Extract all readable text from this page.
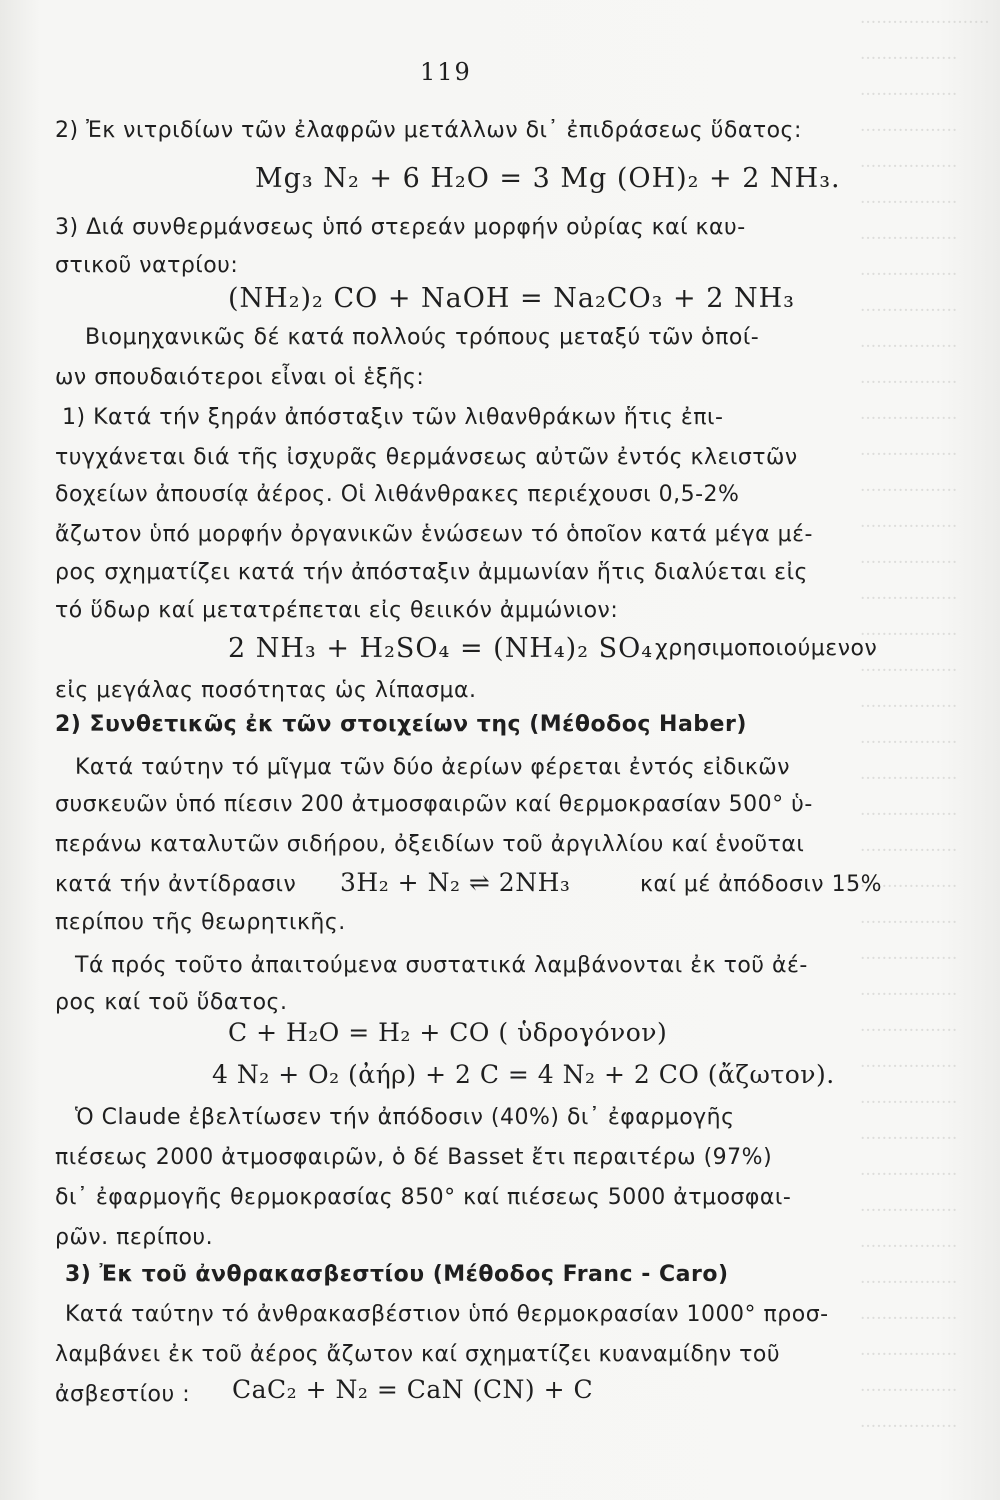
........................
..................
..................
..................
..................
..................
..................
..................
..................
..................
..................
..................
..................
..................
..................
..................
..................
..................
..................
..................
..................
..................
..................
..................
..................
..................
..................
..................
..................
..................
..................
..................
..................
..................
..................
..................
..................
..................
..................
..................
119
2) Ἐκ νιτριδίων τῶν ἐλαφρῶν μετάλλων δι᾿ ἐπιδράσεως ὕδατος:
Mg₃ N₂ + 6 H₂O = 3 Mg (OH)₂ + 2 NH₃.
3) Διά συνθερμάνσεως ὑπό στερεάν μορφήν οὐρίας καί καυ-
στικοῦ νατρίου:
(NH₂)₂ CO + NaOH = Na₂CO₃ + 2 NH₃
Βιομηχανικῶς δέ κατά πολλούς τρόπους μεταξύ τῶν ὁποί-
ων σπουδαιότεροι εἶναι οἱ ἑξῆς:
1) Κατά τήν ξηράν ἀπόσταξιν τῶν λιθανθράκων ἥτις ἐπι-
τυγχάνεται διά τῆς ἰσχυρᾶς θερμάνσεως αὐτῶν ἐντός κλειστῶν
δοχείων ἀπουσίᾳ ἀέρος. Οἱ λιθάνθρακες περιέχουσι 0,5-2%
ἄζωτον ὑπό μορφήν ὀργανικῶν ἑνώσεων τό ὁποῖον κατά μέγα μέ-
ρος σχηματίζει κατά τήν ἀπόσταξιν ἀμμωνίαν ἥτις διαλύεται εἰς
τό ὕδωρ καί μετατρέπεται εἰς θειικόν ἀμμώνιον:
2 NH₃ + H₂SO₄ = (NH₄)₂ SO₄ χρησιμοποιούμενον
εἰς μεγάλας ποσότητας ὡς λίπασμα.
2) Συνθετικῶς ἐκ τῶν στοιχείων της (Μέθοδος Haber)
Κατά ταύτην τό μῖγμα τῶν δύο ἀερίων φέρεται ἐντός εἰδικῶν
συσκευῶν ὑπό πίεσιν 200 ἀτμοσφαιρῶν καί θερμοκρασίαν 500° ὑ-
περάνω καταλυτῶν σιδήρου, ὀξειδίων τοῦ ἀργιλλίου καί ἑνοῦται
κατά τήν ἀντίδρασιν 3H₂ + N₂ ⇌ 2NH₃	καί μέ ἀπόδοσιν 15%
περίπου τῆς θεωρητικῆς.
Τά πρός τοῦτο ἀπαιτούμενα συστατικά λαμβάνονται ἐκ τοῦ ἀέ-
ρος καί τοῦ ὕδατος.
C + H₂O = H₂ + CO ( ὑδρογόνον)
4 N₂ + O₂ (ἀήρ) + 2 C = 4 N₂ + 2 CO (ἄζωτον).
Ὁ Claude ἐβελτίωσεν τήν ἀπόδοσιν (40%) δι᾿ ἐφαρμογῆς
πιέσεως 2000 ἀτμοσφαιρῶν, ὁ δέ Basset ἔτι περαιτέρω (97%)
δι᾿ ἐφαρμογῆς θερμοκρασίας 850° καί πιέσεως 5000 ἀτμοσφαι-
ρῶν. περίπου.
3) Ἐκ τοῦ ἀνθρακασβεστίου (Μέθοδος Franc - Caro)
Κατά ταύτην τό ἀνθρακασβέστιον ὑπό θερμοκρασίαν 1000° προσ-
λαμβάνει ἐκ τοῦ ἀέρος ἄζωτον καί σχηματίζει κυαναμίδην τοῦ
ἀσβεστίου : CaC₂ + N₂ = CaN (CN) + C
